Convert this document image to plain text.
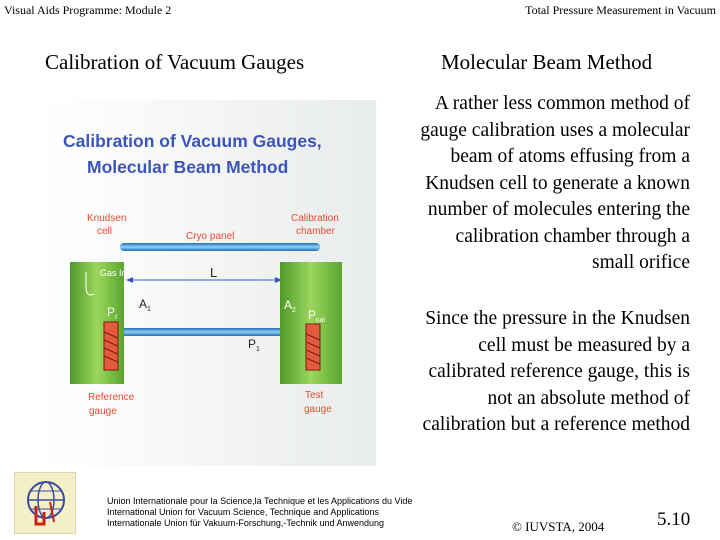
Visual Aids Programme: Module 2	Total Pressure Measurement in Vacuum
Calibration of Vacuum Gauges	Molecular Beam Method
Calibration of Vacuum Gauges,
Molecular Beam Method
Knudsen
cell	Cryo panel
Calibration
chamber
Gas Inlet
$P_r$
$A_1$
L
$A_2$ $P_{cal}$
$P_1$
Reference
gauge
Test
gauge
A rather less common method of
gauge calibration uses a molecular
beam of atoms effusing from a
Knudsen cell to generate a known
number of molecules entering the
calibration chamber through a
small orifice
Since the pressure in the Knudsen
cell must be measured by a
calibrated reference gauge, this is
not an absolute method of
calibration but a reference method
Union Internationale pour la Science,la Technique et les Applications du Vide
International Union for Vacuum Science, Technique and Applications
Internationale Union für Vakuum-Forschung,-Technik und Anwendung	© IUVSTA, 2004	5.10
